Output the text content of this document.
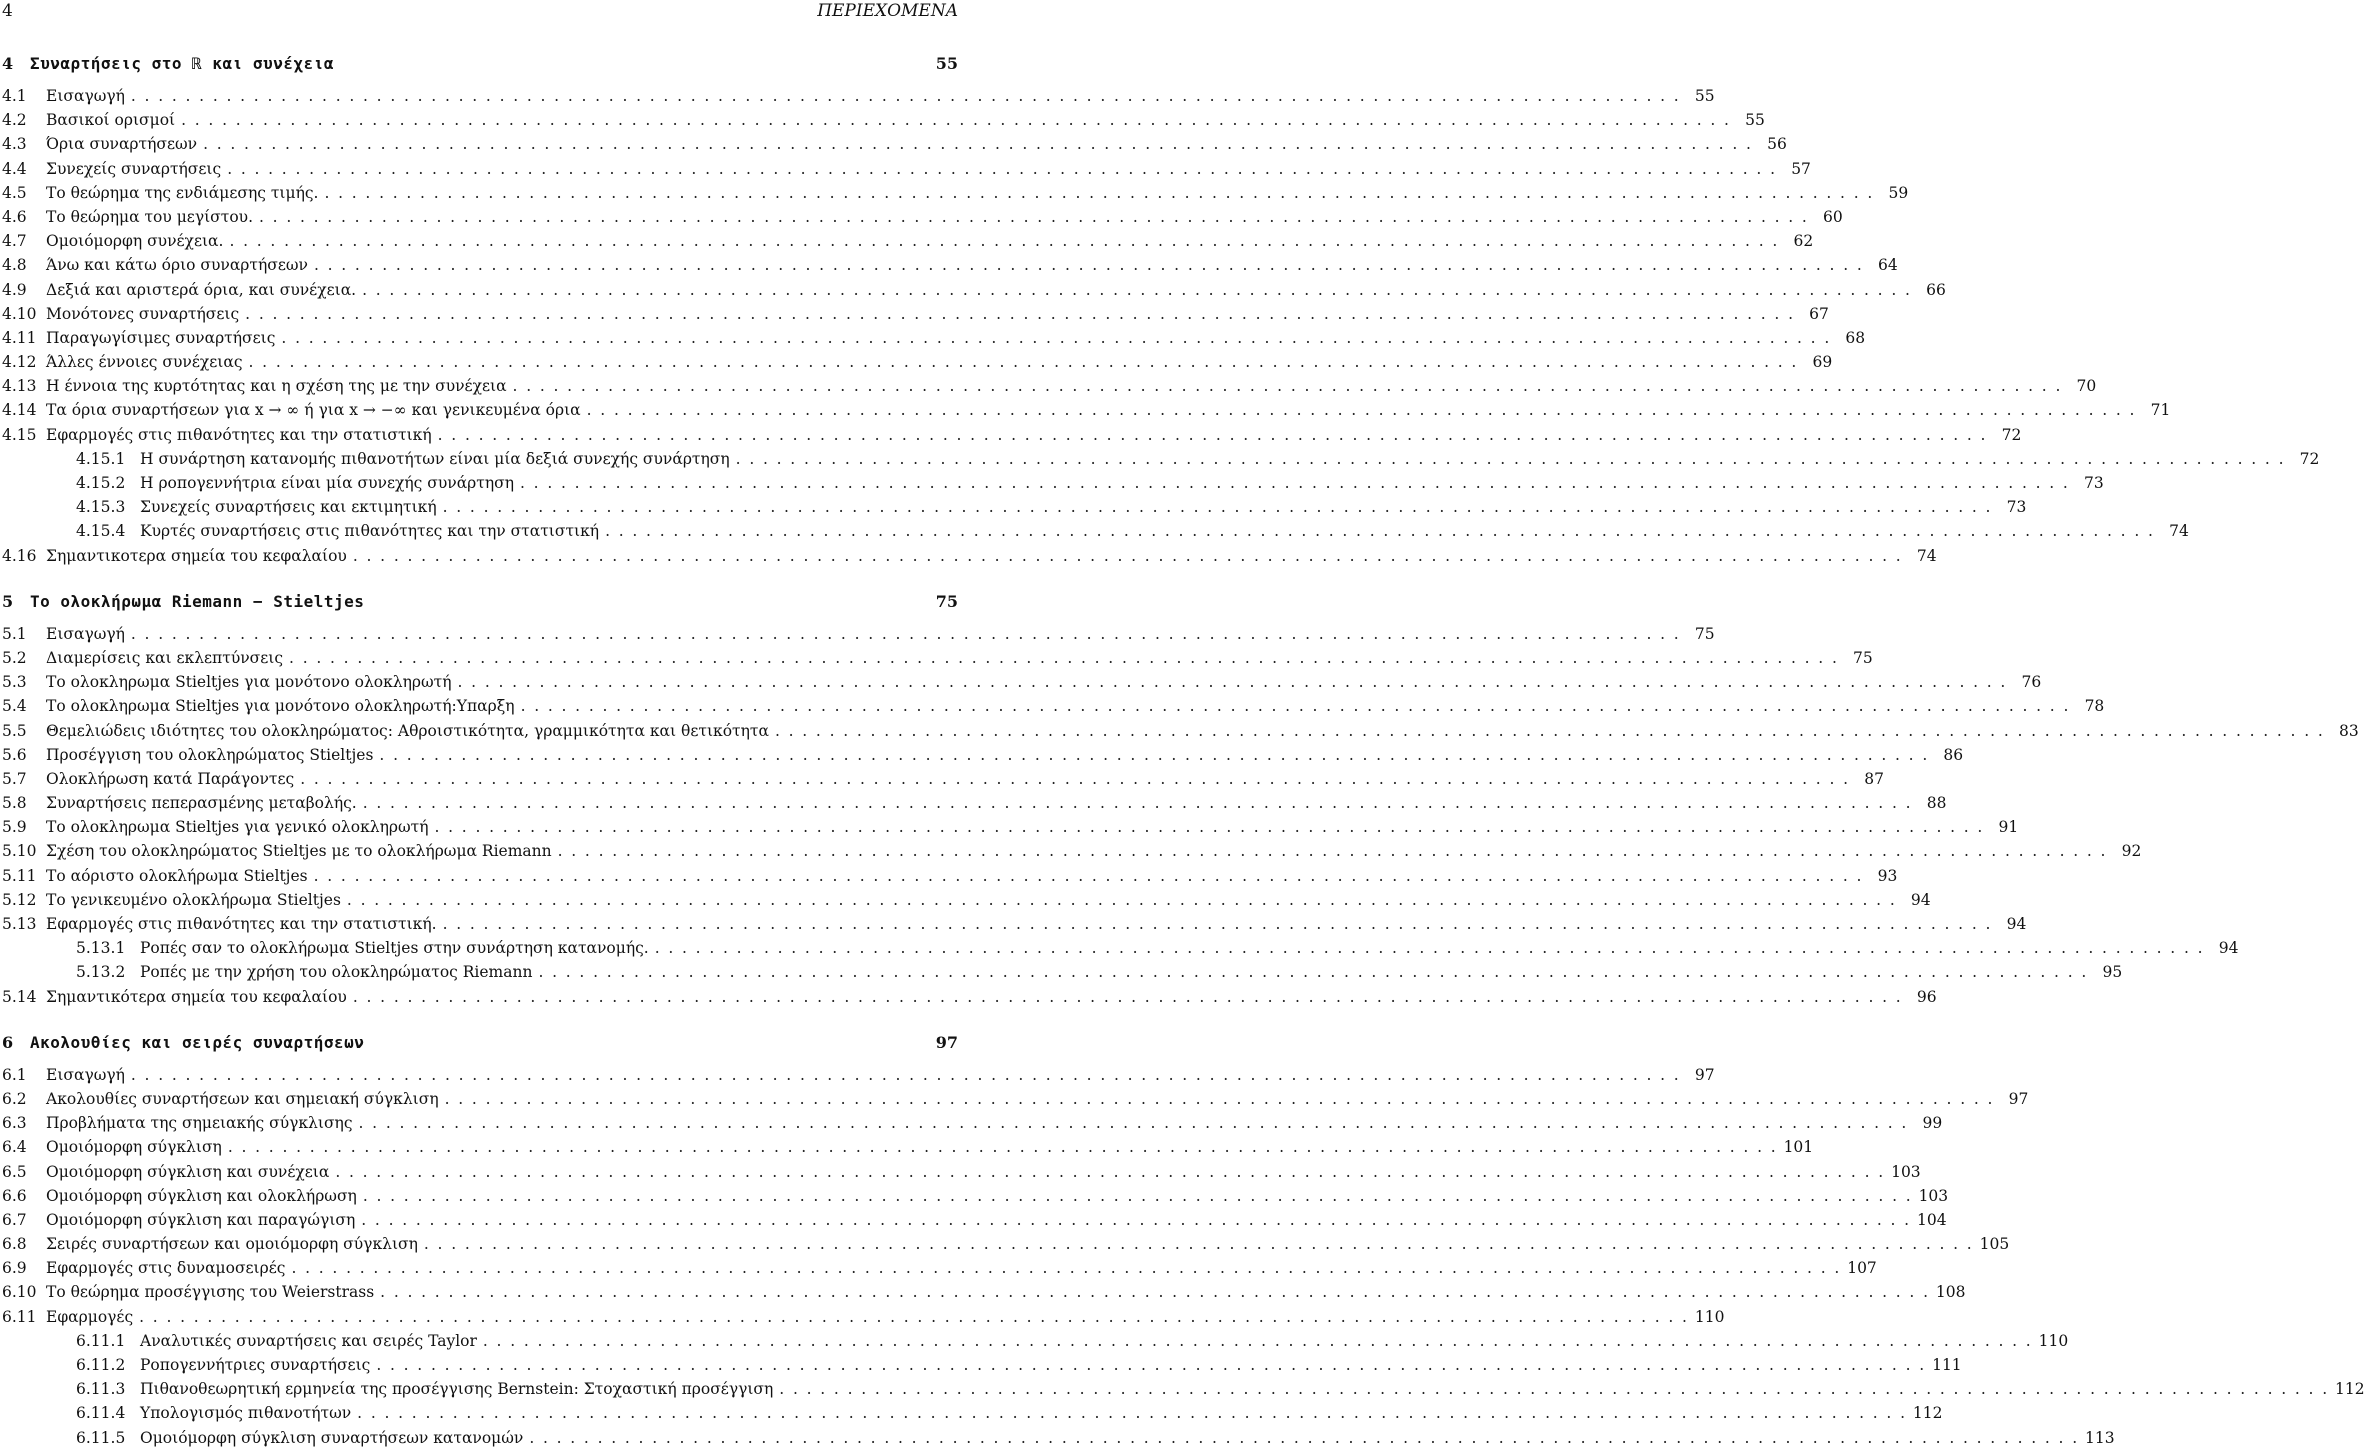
4	ΠΕΡΙΕΧΟΜΕΝΑ
4 Συναρτήσεις στο ℝ και συνέχεια	55
4.1	Εισαγωγή . . .	55
4.2	Βασικοί ορισμοί . . .	55
4.3	Όρια συναρτήσεων . . .	56
4.4	Συνεχείς συναρτήσεις . . .	57
4.5	Το θεώρημα της ενδιάμεσης τιμής. . . .	59
4.6	Το θεώρημα του μεγίστου. . . .	60
4.7	Ομοιόμορφη συνέχεια. . . .	62
4.8	Άνω και κάτω όριο συναρτήσεων . . .	64
4.9	Δεξιά και αριστερά όρια, και συνέχεια. . . .	66
4.10 Μονότονες συναρτήσεις . . .	67
4.11 Παραγωγίσιμες συναρτήσεις . . .	68
4.12 Άλλες έννοιες συνέχειας . . .	69
4.13 Η έννοια της κυρτότητας και η σχέση της με την συνέχεια . . .	70
4.14 Τα όρια συναρτήσεων για x → ∞ ή για x → −∞ και γενικευμένα όρια . . .	71
4.15 Εφαρμογές στις πιθανότητες και την στατιστική . . .	72
4.15.1 Η συνάρτηση κατανομής πιθανοτήτων είναι μία δεξιά συνεχής συνάρτηση . . .	72
4.15.2 Η ροπογεννήτρια είναι μία συνεχής συνάρτηση . . .	73
4.15.3 Συνεχείς συναρτήσεις και εκτιμητική . . .	73
4.15.4 Κυρτές συναρτήσεις στις πιθανότητες και την στατιστική . . .	74
4.16 Σημαντικοτερα σημεία του κεφαλαίου . . .	74
5 Το ολοκλήρωμα Riemann − Stieltjes	75
5.1	Εισαγωγή . . .	75
5.2	Διαμερίσεις και εκλεπτύνσεις . . .	75
5.3	Το ολοκληρωμα Stieltjes για μονότονο ολοκληρωτή . . .	76
5.4	Το ολοκληρωμα Stieltjes για μονότονο ολοκληρωτή:Υπαρξη . . .	78
5.5	Θεμελιώδεις ιδιότητες του ολοκληρώματος: Αθροιστικότητα, γραμμικότητα και θετικότητα . . .	83
5.6	Προσέγγιση του ολοκληρώματος Stieltjes . . .	86
5.7	Ολοκλήρωση κατά Παράγοντες . . .	87
5.8	Συναρτήσεις πεπερασμένης μεταβολής. . . .	88
5.9	Το ολοκληρωμα Stieltjes για γενικό ολοκληρωτή . . .	91
5.10 Σχέση του ολοκληρώματος Stieltjes με το ολοκλήρωμα Riemann . . .	92
5.11 Το αόριστο ολοκλήρωμα Stieltjes . . .	93
5.12 Το γενικευμένο ολοκλήρωμα Stieltjes . . .	94
5.13 Εφαρμογές στις πιθανότητες και την στατιστική. . . .	94
5.13.1 Ροπές σαν το ολοκλήρωμα Stieltjes στην συνάρτηση κατανομής. . . .	94
5.13.2 Ροπές με την χρήση του ολοκληρώματος Riemann . . .	95
5.14 Σημαντικότερα σημεία του κεφαλαίου . . .	96
6 Ακολουθίες και σειρές συναρτήσεων	97
6.1	Εισαγωγή . . .	97
6.2	Ακολουθίες συναρτήσεων και σημειακή σύγκλιση . . .	97
6.3	Προβλήματα της σημειακής σύγκλισης . . .	99
6.4	Ομοιόμορφη σύγκλιση . . .	101
6.5	Ομοιόμορφη σύγκλιση και συνέχεια . . .	103
6.6	Ομοιόμορφη σύγκλιση και ολοκλήρωση . . .	103
6.7	Ομοιόμορφη σύγκλιση και παραγώγιση . . .	104
6.8	Σειρές συναρτήσεων και ομοιόμορφη σύγκλιση . . .	105
6.9	Εφαρμογές στις δυναμοσειρές . . .	107
6.10 Το θεώρημα προσέγγισης του Weierstrass . . .	108
6.11 Εφαρμογές . . .	110
6.11.1 Αναλυτικές συναρτήσεις και σειρές Taylor . . .	110
6.11.2 Ροπογεννήτριες συναρτήσεις . . .	111
6.11.3 Πιθανοθεωρητική ερμηνεία της προσέγγισης Bernstein: Στοχαστική προσέγγιση . . .	112
6.11.4 Υπολογισμός πιθανοτήτων . . .	112
6.11.5 Ομοιόμορφη σύγκλιση συναρτήσεων κατανομών . . .	113
